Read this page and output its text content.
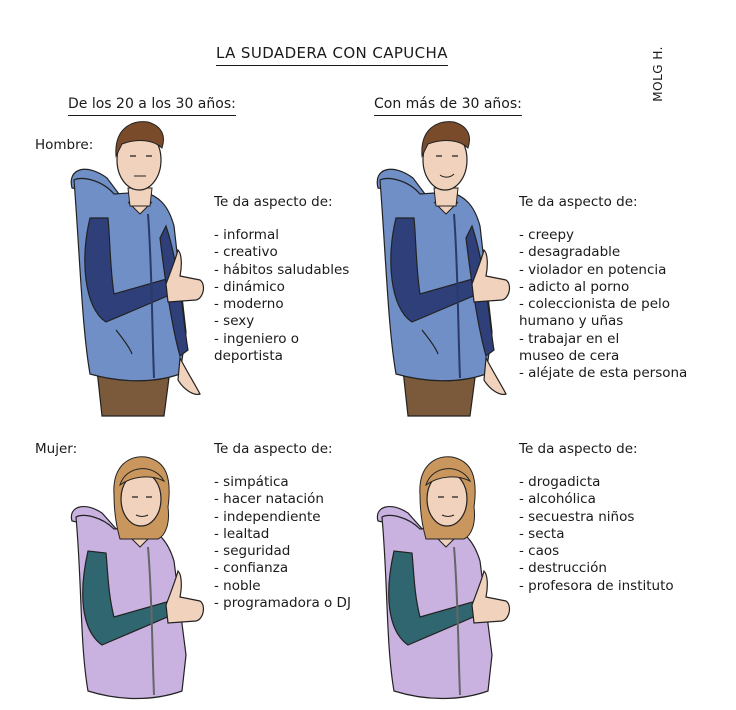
LA SUDADERA CON CAPUCHA	MOLG H.
De los 20 a los 30 años:	Con más de 30 años:
Hombre:
Mujer:
Te da aspecto de:
- informal
- creativo
- hábitos saludables
- dinámico
- moderno
- sexy
- ingeniero o
deportista
Te da aspecto de:
- creepy
- desagradable
- violador en potencia
- adicto al porno
- coleccionista de pelo
humano y uñas
- trabajar en el
museo de cera
- aléjate de esta persona
Te da aspecto de:
- simpática
- hacer natación
- independiente
- lealtad
- seguridad
- confianza
- noble
- programadora o DJ
Te da aspecto de:
- drogadicta
- alcohólica
- secuestra niños
- secta
- caos
- destrucción
- profesora de instituto
